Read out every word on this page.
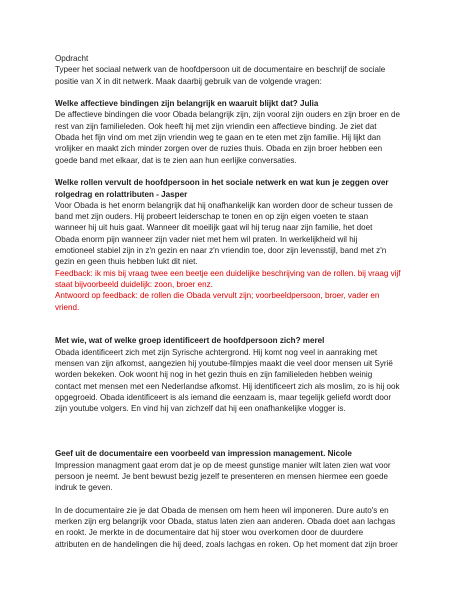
Opdracht
Typeer het sociaal netwerk van de hoofdpersoon uit de documentaire en beschrijf de sociale
positie van X in dit netwerk. Maak daarbij gebruik van de volgende vragen:

Welke affectieve bindingen zijn belangrijk en waaruit blijkt dat? Julia
De affectieve bindingen die voor Obada belangrijk zijn, zijn vooral zijn ouders en zijn broer en de
rest van zijn familieleden. Ook heeft hij met zijn vriendin een affectieve binding. Je ziet dat
Obada het fijn vind om met zijn vriendin weg te gaan en te eten met zijn familie. Hij lijkt dan
vrolijker en maakt zich minder zorgen over de ruzies thuis. Obada en zijn broer hebben een
goede band met elkaar, dat is te zien aan hun eerlijke conversaties.

Welke rollen vervult de hoofdpersoon in het sociale netwerk en wat kun je zeggen over
rolgedrag en rolattributen - Jasper
Voor Obada is het enorm belangrijk dat hij onafhankelijk kan worden door de scheur tussen de
band met zijn ouders. Hij probeert leiderschap te tonen en op zijn eigen voeten te staan
wanneer hij uit huis gaat. Wanneer dit moeilijk gaat wil hij terug naar zijn familie, het doet
Obada enorm pijn wanneer zijn vader niet met hem wil praten. In werkelijkheid wil hij
emotioneel stabiel zijn in z'n gezin en naar z'n vriendin toe, door zijn levensstijl, band met z'n
gezin en geen thuis hebben lukt dit niet.
Feedback: ik mis bij vraag twee een beetje een duidelijke beschrijving van de rollen. bij vraag vijf
staat bijvoorbeeld duidelijk: zoon, broer enz.
Antwoord op feedback: de rollen die Obada vervult zijn; voorbeeldpersoon, broer, vader en
vriend.

Met wie, wat of welke groep identificeert de hoofdpersoon zich? merel
Obada identificeert zich met zijn Syrische achtergrond. Hij komt nog veel in aanraking met
mensen van zijn afkomst, aangezien hij youtube-filmpjes maakt die veel door mensen uit Syrië
worden bekeken. Ook woont hij nog in het gezin thuis en zijn familieleden hebben weinig
contact met mensen met een Nederlandse afkomst. Hij identificeert zich als moslim, zo is hij ook
opgegroeid. Obada identificeert is als iemand die eenzaam is, maar tegelijk geliefd wordt door
zijn youtube volgers. En vind hij van zichzelf dat hij een onafhankelijke vlogger is.

Geef uit de documentaire een voorbeeld van impression management. Nicole
Impression managment gaat erom dat je op de meest gunstige manier wilt laten zien wat voor
persoon je neemt. Je bent bewust bezig jezelf te presenteren en mensen hiermee een goede
indruk te geven.

In de documentaire zie je dat Obada de mensen om hem heen wil imponeren. Dure auto's en
merken zijn erg belangrijk voor Obada, status laten zien aan anderen. Obada doet aan lachgas
en rookt. Je merkte in de documentaire dat hij stoer wou overkomen door de duurdere
attributen en de handelingen die hij deed, zoals lachgas en roken. Op het moment dat zijn broer
